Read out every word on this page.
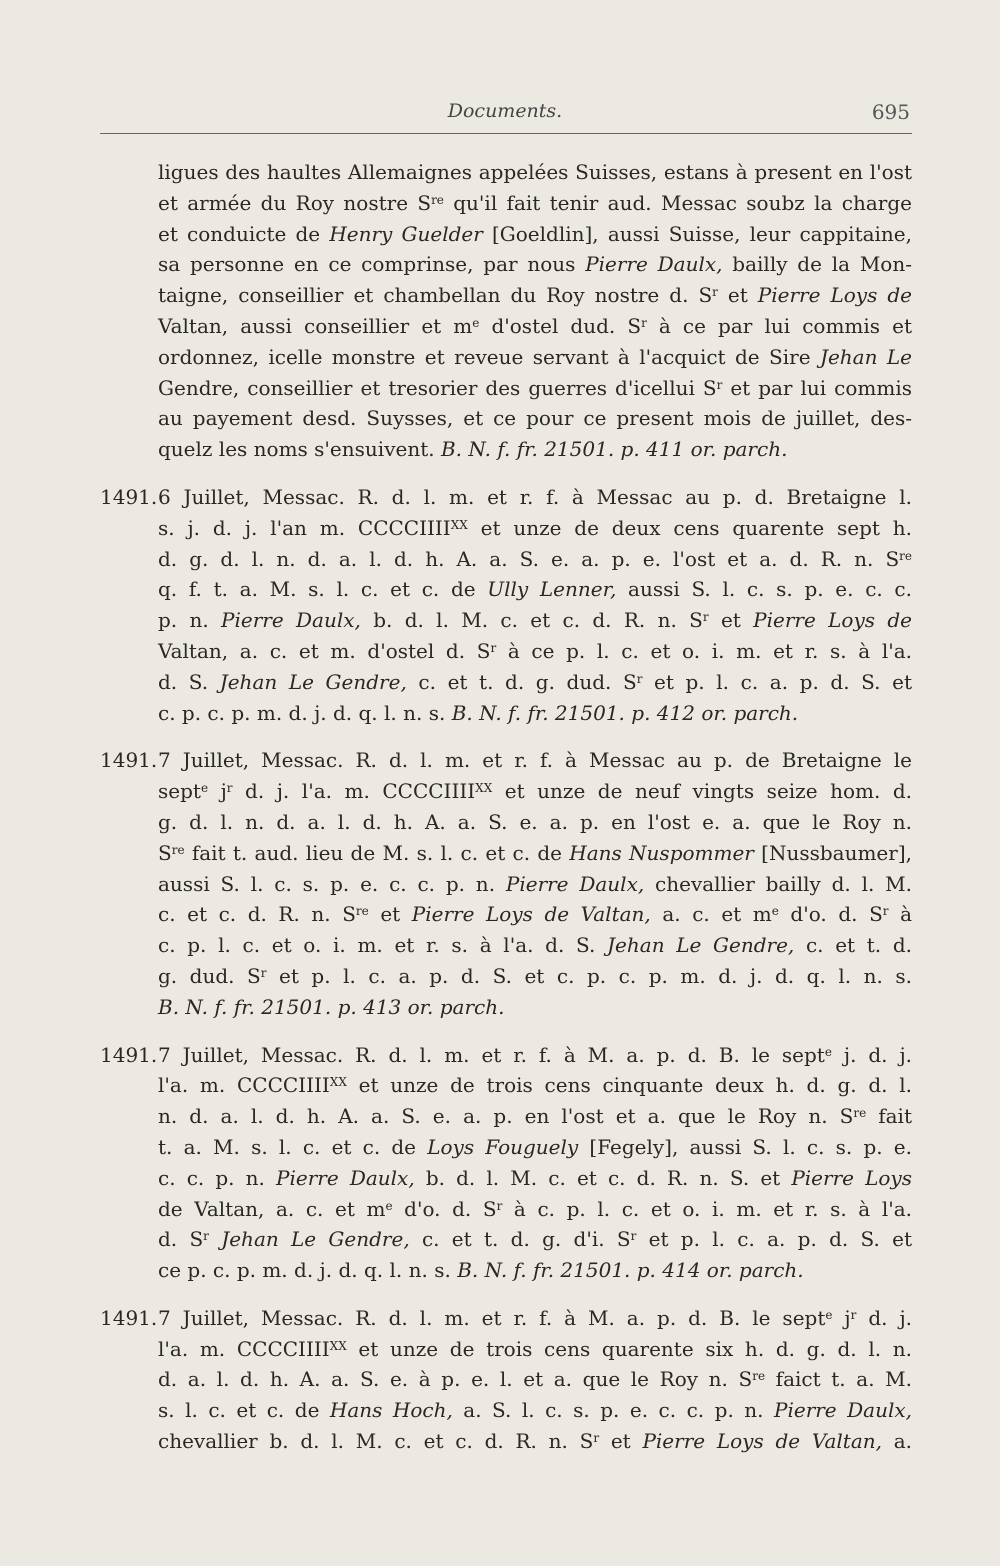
Documents.	695
ligues des haultes Allemaignes appelées Suisses, estans à present en l'ost
et armée du Roy nostre $S^{re}$ qu'il fait tenir aud. Messac soubz la charge
et conduicte de Henry Guelder [Goeldlin], aussi Suisse, leur cappitaine,
sa personne en ce comprinse, par nous Pierre Daulx, bailly de la Mon-
taigne, conseillier et chambellan du Roy nostre d. $S^r$ et Pierre Loys de
Valtan, aussi conseillier et $m^e$ d'ostel dud. $S^r$ à ce par lui commis et
ordonnez, icelle monstre et reveue servant à l'acquict de Sire Jehan Le
Gendre, conseillier et tresorier des guerres d'icellui $S^r$ et par lui commis
au payement desd. Suysses, et ce pour ce present mois de juillet, des-
quelz les noms s'ensuivent. B. N. f. fr. 21501. p. 411 or. parch.
1491. 6 Juillet, Messac. R. d. l. m. et r. f. à Messac au p. d. Bretaigne l.
s. j. d. j. l'an m. $CCCCIIII^{XX}$ et unze de deux cens quarente sept h.
d. g. d. l. n. d. a. l. d. h. A. a. S. e. a. p. e. l'ost et a. d. R. n. $S^{re}$
q. f. t. a. M. s. l. c. et c. de Ully Lenner, aussi S. l. c. s. p. e. c. c.
p. n. Pierre Daulx, b. d. l. M. c. et c. d. R. n. $S^r$ et Pierre Loys de
Valtan, a. c. et m. d'ostel d. $S^r$ à ce p. l. c. et o. i. m. et r. s. à l'a.
d. S. Jehan Le Gendre, c. et t. d. g. dud. $S^r$ et p. l. c. a. p. d. S. et
c. p. c. p. m. d. j. d. q. l. n. s. B. N. f. fr. 21501. p. 412 or. parch.
1491. 7 Juillet, Messac. R. d. l. m. et r. f. à Messac au p. de Bretaigne le
sept$^e$ $j^r$ d. j. l'a. m. $CCCCIIII^{XX}$ et unze de neuf vingts seize hom. d.
g. d. l. n. d. a. l. d. h. A. a. S. e. a. p. en l'ost e. a. que le Roy n.
$S^{re}$ fait t. aud. lieu de M. s. l. c. et c. de Hans Nuspommer [Nussbaumer],
aussi S. l. c. s. p. e. c. c. p. n. Pierre Daulx, chevallier bailly d. l. M.
c. et c. d. R. n. $S^{re}$ et Pierre Loys de Valtan, a. c. et $m^e$ d'o. d. $S^r$ à
c. p. l. c. et o. i. m. et r. s. à l'a. d. S. Jehan Le Gendre, c. et t. d.
g. dud. $S^r$ et p. l. c. a. p. d. S. et c. p. c. p. m. d. j. d. q. l. n. s.
B. N. f. fr. 21501. p. 413 or. parch.
1491. 7 Juillet, Messac. R. d. l. m. et r. f. à M. a. p. d. B. le sept$^e$ j. d. j.
l'a. m. $CCCCIIII^{XX}$ et unze de trois cens cinquante deux h. d. g. d. l.
n. d. a. l. d. h. A. a. S. e. a. p. en l'ost et a. que le Roy n. $S^{re}$ fait
t. a. M. s. l. c. et c. de Loys Fouguely [Fegely], aussi S. l. c. s. p. e.
c. c. p. n. Pierre Daulx, b. d. l. M. c. et c. d. R. n. S. et Pierre Loys
de Valtan, a. c. et $m^e$ d'o. d. $S^r$ à c. p. l. c. et o. i. m. et r. s. à l'a.
d. $S^r$ Jehan Le Gendre, c. et t. d. g. d'i. $S^r$ et p. l. c. a. p. d. S. et
ce p. c. p. m. d. j. d. q. l. n. s. B. N. f. fr. 21501. p. 414 or. parch.
1491. 7 Juillet, Messac. R. d. l. m. et r. f. à M. a. p. d. B. le sept$^e$ $j^r$ d. j.
l'a. m. $CCCCIIII^{XX}$ et unze de trois cens quarente six h. d. g. d. l. n.
d. a. l. d. h. A. a. S. e. à p. e. l. et a. que le Roy n. $S^{re}$ faict t. a. M.
s. l. c. et c. de Hans Hoch, a. S. l. c. s. p. e. c. c. p. n. Pierre Daulx,
chevallier b. d. l. M. c. et c. d. R. n. $S^r$ et Pierre Loys de Valtan, a.
